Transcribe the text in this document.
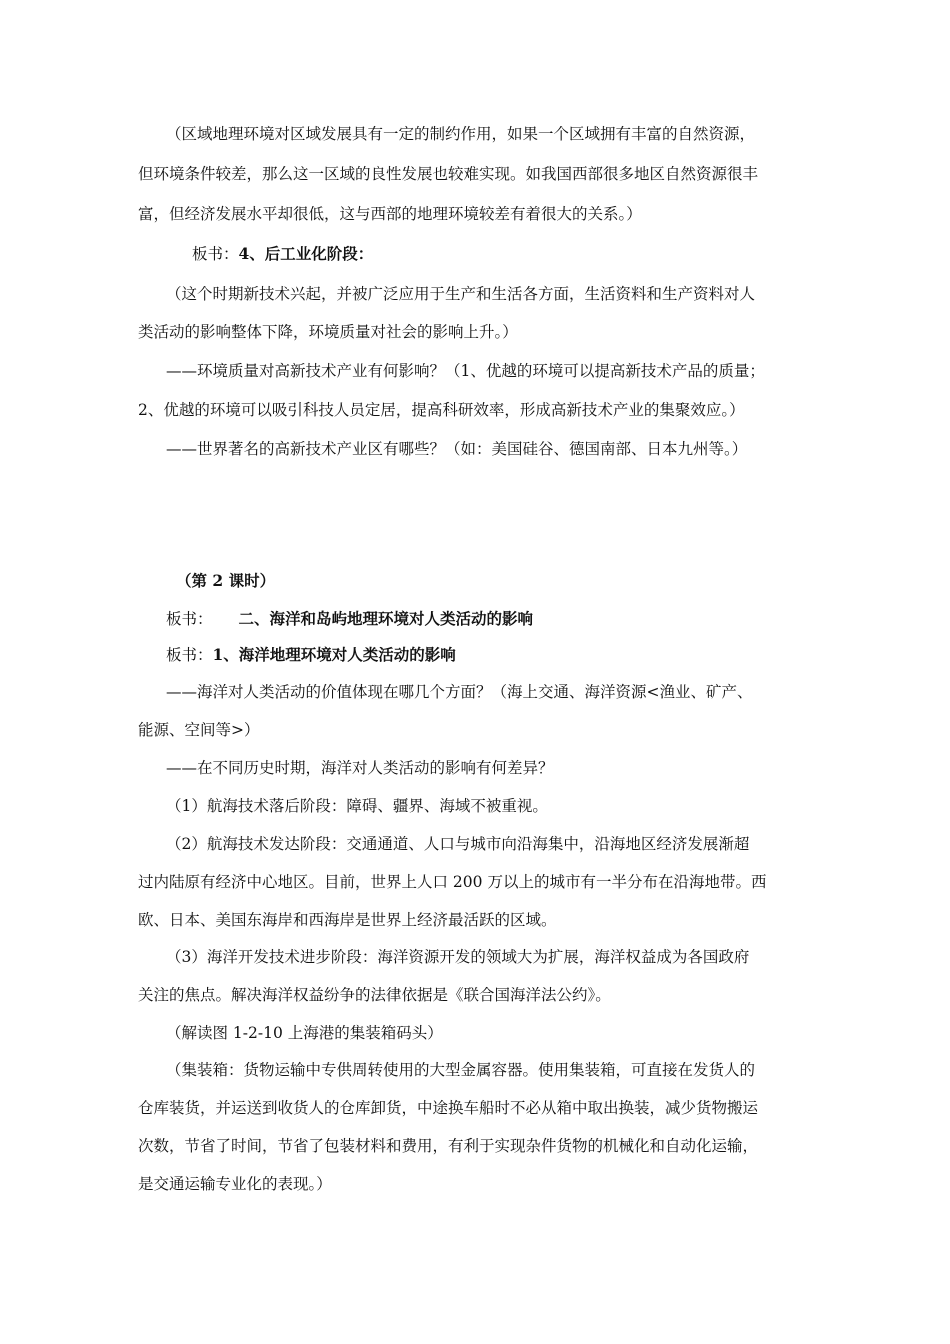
（区域地理环境对区域发展具有一定的制约作用，如果一个区域拥有丰富的自然资源，
但环境条件较差，那么这一区域的良性发展也较难实现。如我国西部很多地区自然资源很丰
富，但经济发展水平却很低，这与西部的地理环境较差有着很大的关系。）
板书：4、后工业化阶段：
（这个时期新技术兴起，并被广泛应用于生产和生活各方面，生活资料和生产资料对人
类活动的影响整体下降，环境质量对社会的影响上升。）
——环境质量对高新技术产业有何影响？（1、优越的环境可以提高新技术产品的质量；
2、优越的环境可以吸引科技人员定居，提高科研效率，形成高新技术产业的集聚效应。）
——世界著名的高新技术产业区有哪些？（如：美国硅谷、德国南部、日本九州等。）
（第 2 课时）
板书： 二、海洋和岛屿地理环境对人类活动的影响
板书：1、海洋地理环境对人类活动的影响
——海洋对人类活动的价值体现在哪几个方面？（海上交通、海洋资源<渔业、矿产、
能源、空间等>）
——在不同历史时期，海洋对人类活动的影响有何差异？
（1）航海技术落后阶段：障碍、疆界、海域不被重视。
（2）航海技术发达阶段：交通通道、人口与城市向沿海集中，沿海地区经济发展渐超
过内陆原有经济中心地区。目前，世界上人口 200 万以上的城市有一半分布在沿海地带。西
欧、日本、美国东海岸和西海岸是世界上经济最活跃的区域。
（3）海洋开发技术进步阶段：海洋资源开发的领域大为扩展，海洋权益成为各国政府
关注的焦点。解决海洋权益纷争的法律依据是《联合国海洋法公约》。
（解读图 1-2-10 上海港的集装箱码头）
（集装箱：货物运输中专供周转使用的大型金属容器。使用集装箱，可直接在发货人的
仓库装货，并运送到收货人的仓库卸货，中途换车船时不必从箱中取出换装，减少货物搬运
次数，节省了时间，节省了包装材料和费用，有利于实现杂件货物的机械化和自动化运输，
是交通运输专业化的表现。）
